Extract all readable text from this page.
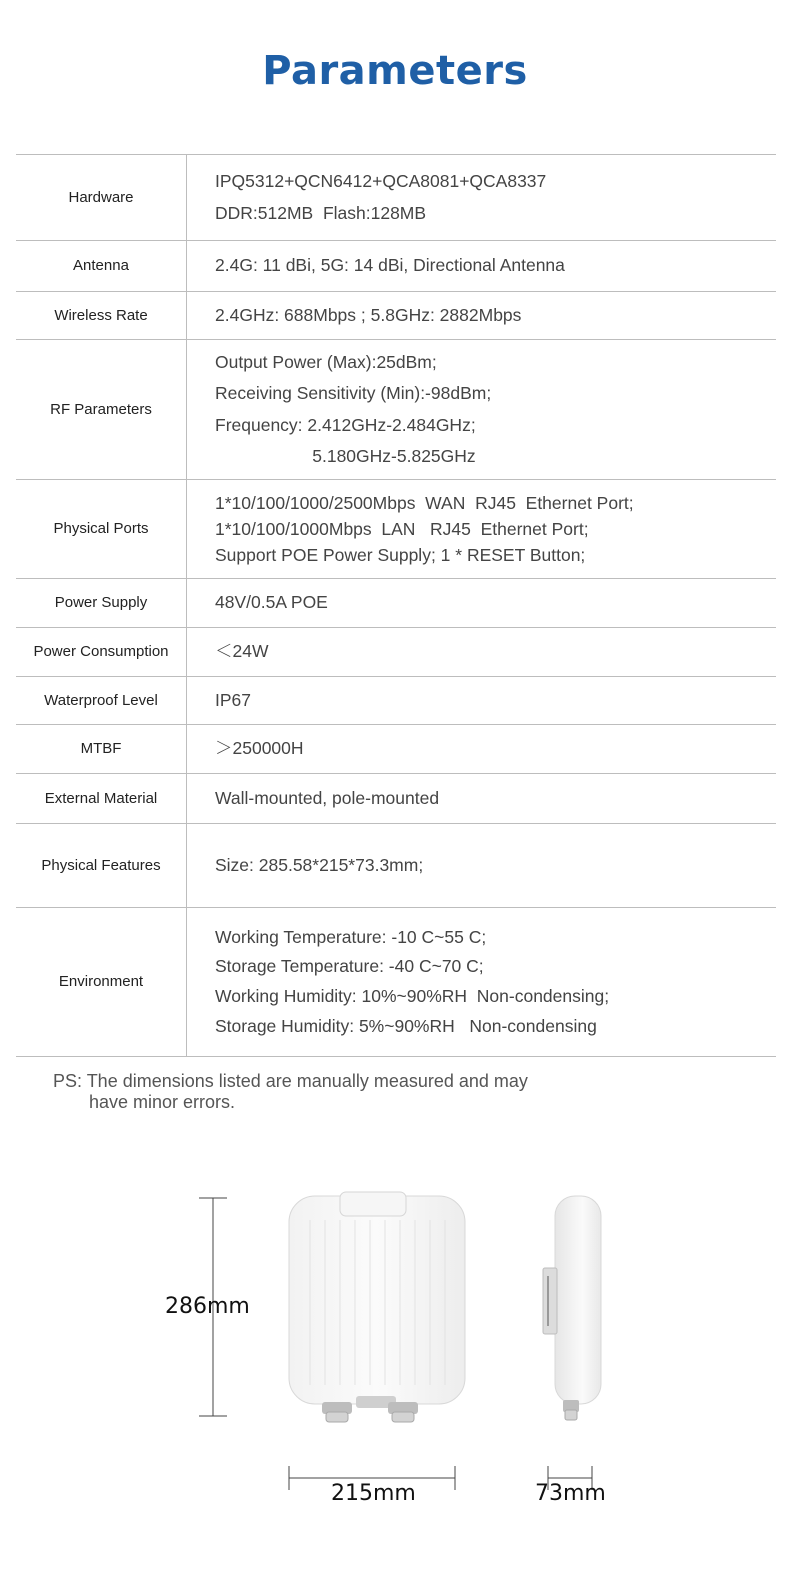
Parameters
Hardware	IPQ5312+QCN6412+QCA8081+QCA8337
DDR:512MB  Flash:128MB

Antenna	2.4G: 11 dBi, 5G: 14 dBi, Directional Antenna

Wireless Rate	2.4GHz: 688Mbps ; 5.8GHz: 2882Mbps

RF Parameters	Output Power (Max):25dBm;
Receiving Sensitivity (Min):-98dBm;
Frequency: 2.412GHz-2.484GHz;
5.180GHz-5.825GHz

Physical Ports	1*10/100/1000/2500Mbps  WAN  RJ45  Ethernet Port;
1*10/100/1000Mbps  LAN   RJ45  Ethernet Port;
Support POE Power Supply; 1 * RESET Button;

Power Supply	48V/0.5A POE

Power Consumption	＜24W

Waterproof Level	IP67

MTBF	＞250000H

External Material	Wall-mounted, pole-mounted

Physical Features	Size: 285.58*215*73.3mm;

Environment	Working Temperature: -10 C~55 C;
Storage Temperature: -40 C~70 C;
Working Humidity: 10%~90%RH  Non-condensing;
Storage Humidity: 5%~90%RH   Non-condensing
PS: The dimensions listed are manually measured and may
have minor errors.
286mm
215mm	73mm
